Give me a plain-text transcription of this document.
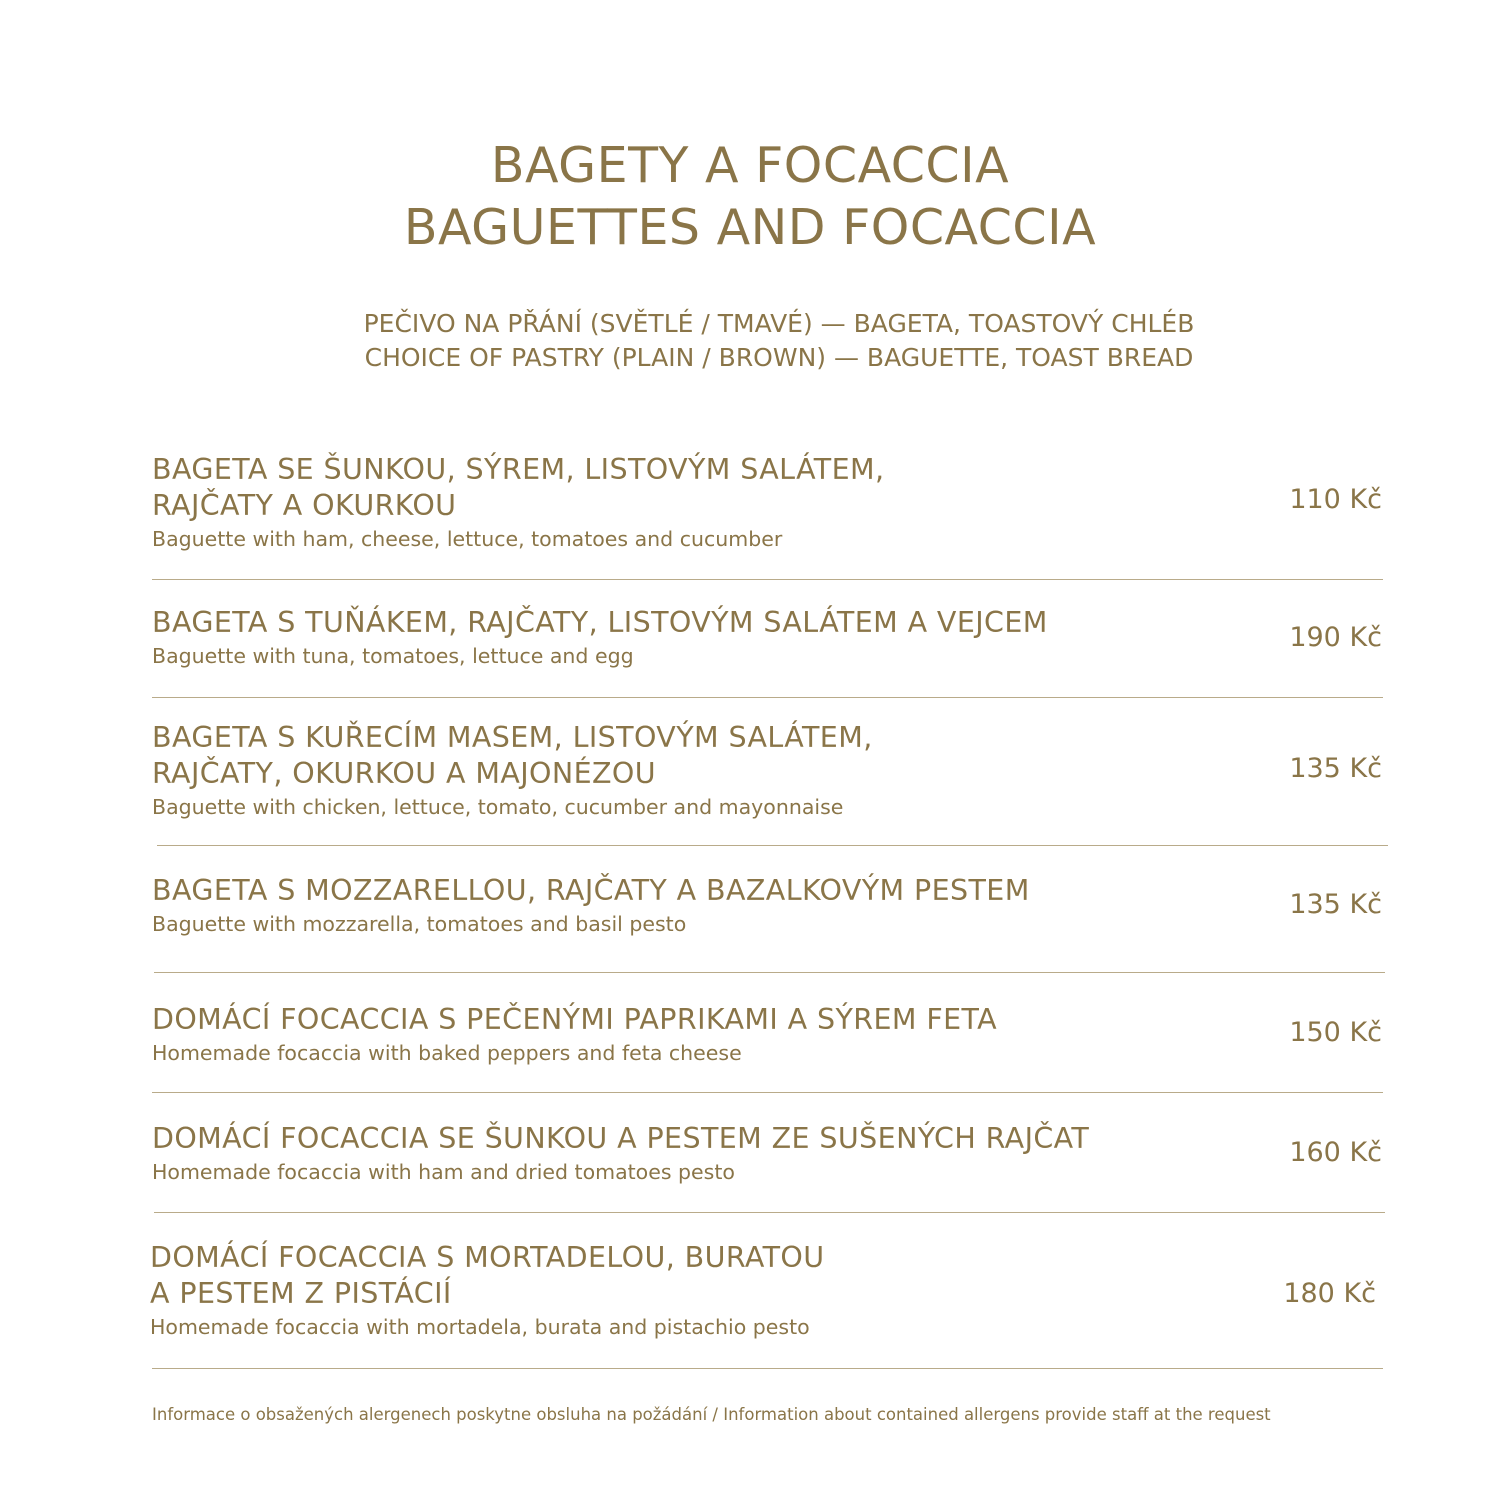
BAGETY A FOCACCIA
BAGUETTES AND FOCACCIA
PEČIVO NA PŘÁNÍ (SVĚTLÉ / TMAVÉ) — BAGETA, TOASTOVÝ CHLÉB
CHOICE OF PASTRY (PLAIN / BROWN) — BAGUETTE, TOAST BREAD
BAGETA SE ŠUNKOU, SÝREM, LISTOVÝM SALÁTEM,
RAJČATY A OKURKOU
Baguette with ham, cheese, lettuce, tomatoes and cucumber
110 Kč
BAGETA S TUŇÁKEM, RAJČATY, LISTOVÝM SALÁTEM A VEJCEM
Baguette with tuna, tomatoes, lettuce and egg
190 Kč
BAGETA S KUŘECÍM MASEM, LISTOVÝM SALÁTEM,
RAJČATY, OKURKOU A MAJONÉZOU
Baguette with chicken, lettuce, tomato, cucumber and mayonnaise
135 Kč
BAGETA S MOZZARELLOU, RAJČATY A BAZALKOVÝM PESTEM
Baguette with mozzarella, tomatoes and basil pesto
135 Kč
DOMÁCÍ FOCACCIA S PEČENÝMI PAPRIKAMI A SÝREM FETA
Homemade focaccia with baked peppers and feta cheese
150 Kč
DOMÁCÍ FOCACCIA SE ŠUNKOU A PESTEM ZE SUŠENÝCH RAJČAT
Homemade focaccia with ham and dried tomatoes pesto
160 Kč
DOMÁCÍ FOCACCIA S MORTADELOU, BURATOU
A PESTEM Z PISTÁCIÍ
Homemade focaccia with mortadela, burata and pistachio pesto
180 Kč
Informace o obsažených alergenech poskytne obsluha na požádání / Information about contained allergens provide staff at the request
